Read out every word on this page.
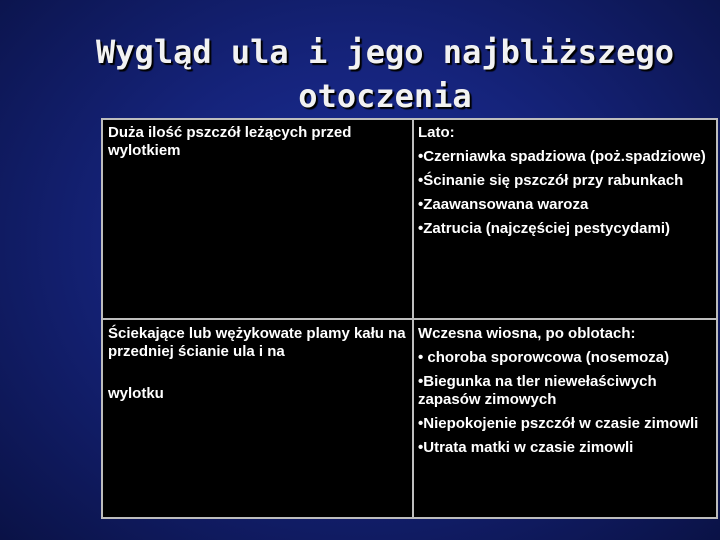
Wygląd ula i jego najbliższego
otoczenia

Duża ilość pszczół leżących przed wylotkiem

Lato:

•Czerniawka spadziowa (poż.spadziowe)

•Ścinanie się pszczół przy rabunkach

•Zaawansowana waroza

•Zatrucia (najczęściej pestycydami)

Ściekające lub wężykowate plamy kału na przedniej ścianie ula i na

wylotku

Wczesna wiosna, po oblotach:

• choroba sporowcowa (nosemoza)

•Biegunka na tler niewełaściwych zapasów zimowych

•Niepokojenie pszczół w czasie zimowli

•Utrata matki w czasie zimowli
